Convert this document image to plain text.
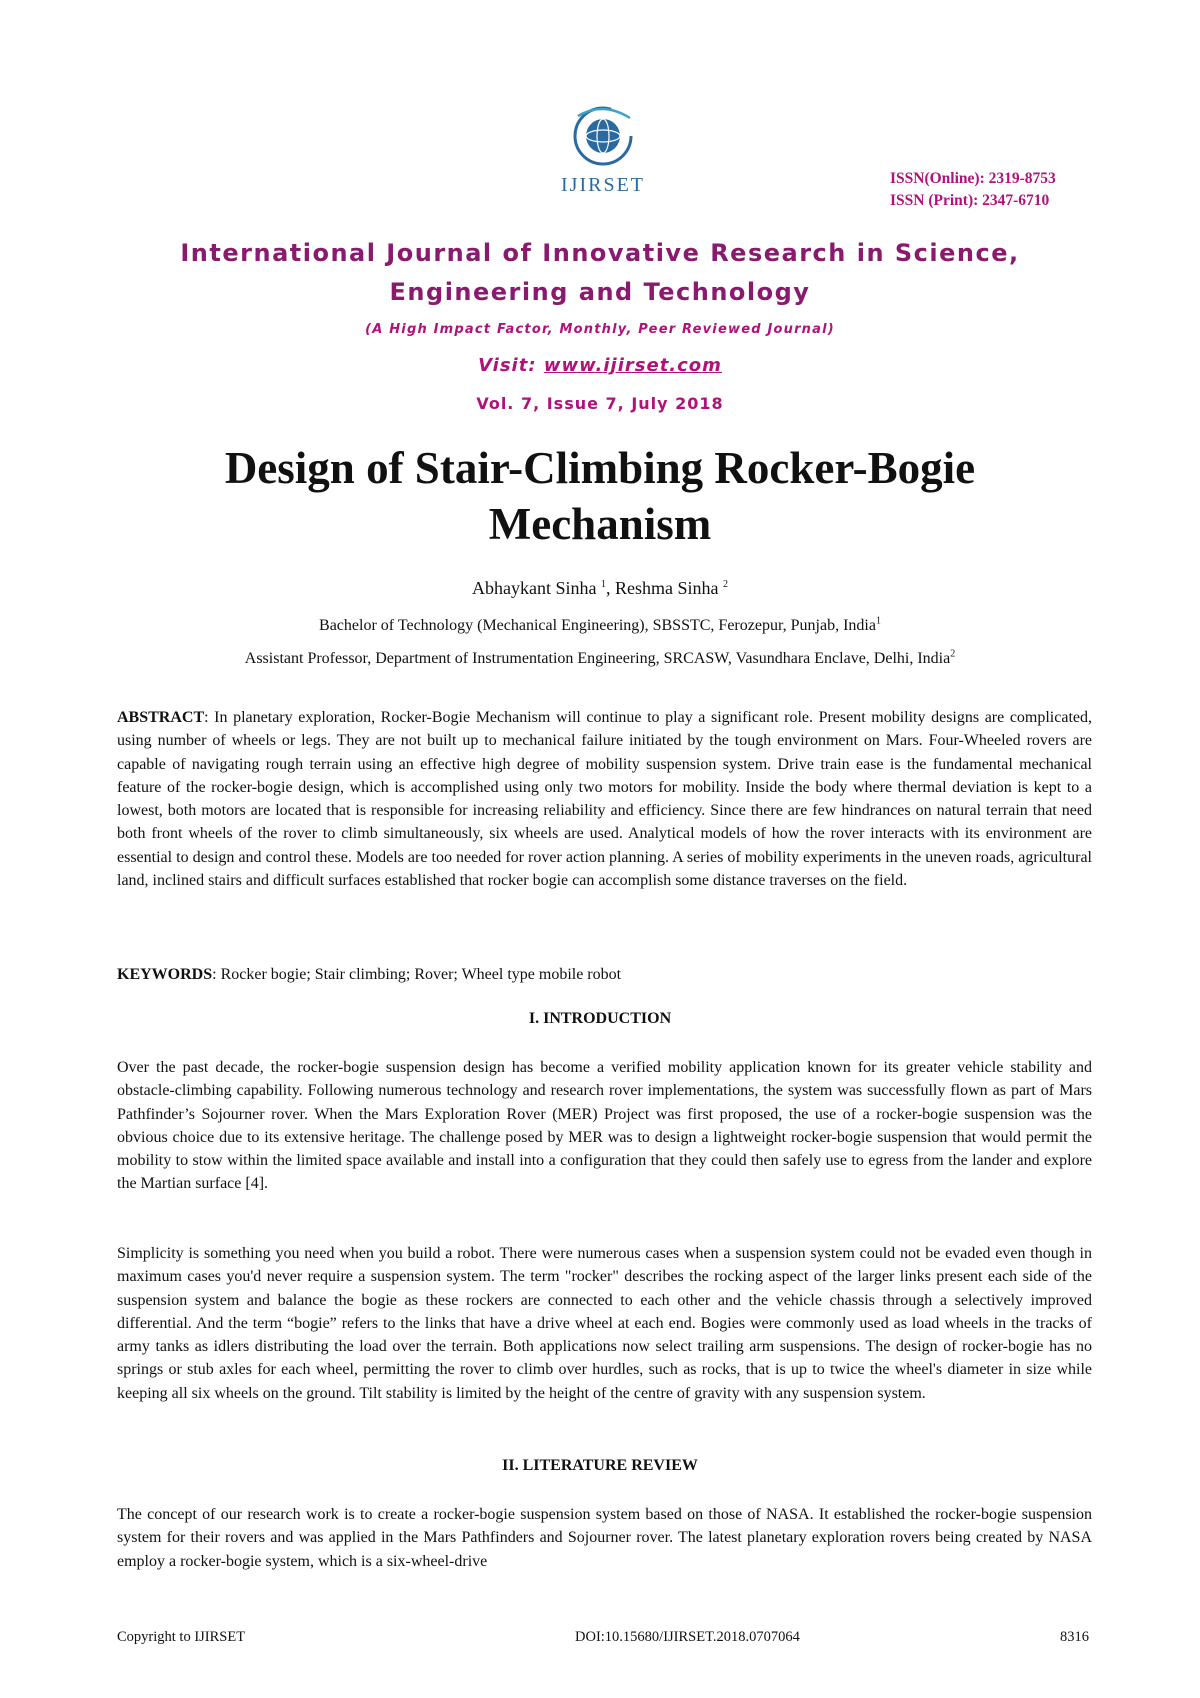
IJIRSET	ISSN(Online): 2319-8753
ISSN (Print): 2347-6710
International Journal of Innovative Research in Science,
Engineering and Technology
(A High Impact Factor, Monthly, Peer Reviewed Journal)
Visit: www.ijirset.com
Vol. 7, Issue 7, July 2018
Design of Stair-Climbing Rocker-Bogie
Mechanism
Abhaykant Sinha $^1$, Reshma Sinha $^2$
Bachelor of Technology (Mechanical Engineering), SBSSTC, Ferozepur, Punjab, India$^1$
Assistant Professor, Department of Instrumentation Engineering, SRCASW, Vasundhara Enclave, Delhi, India$^2$

ABSTRACT: In planetary exploration, Rocker-Bogie Mechanism will continue to play a significant role. Present mobility designs are complicated, using number of wheels or legs. They are not built up to mechanical failure initiated by the tough environment on Mars. Four-Wheeled rovers are capable of navigating rough terrain using an effective high degree of mobility suspension system. Drive train ease is the fundamental mechanical feature of the rocker-bogie design, which is accomplished using only two motors for mobility. Inside the body where thermal deviation is kept to a lowest, both motors are located that is responsible for increasing reliability and efficiency. Since there are few hindrances on natural terrain that need both front wheels of the rover to climb simultaneously, six wheels are used. Analytical models of how the rover interacts with its environment are essential to design and control these. Models are too needed for rover action planning. A series of mobility experiments in the uneven roads, agricultural land, inclined stairs and difficult surfaces established that rocker bogie can accomplish some distance traverses on the field.

KEYWORDS: Rocker bogie; Stair climbing; Rover; Wheel type mobile robot

I. INTRODUCTION

Over the past decade, the rocker-bogie suspension design has become a verified mobility application known for its greater vehicle stability and obstacle-climbing capability. Following numerous technology and research rover implementations, the system was successfully flown as part of Mars Pathfinder’s Sojourner rover. When the Mars Exploration Rover (MER) Project was first proposed, the use of a rocker-bogie suspension was the obvious choice due to its extensive heritage. The challenge posed by MER was to design a lightweight rocker-bogie suspension that would permit the mobility to stow within the limited space available and install into a configuration that they could then safely use to egress from the lander and explore the Martian surface [4].

Simplicity is something you need when you build a robot. There were numerous cases when a suspension system could not be evaded even though in maximum cases you'd never require a suspension system. The term "rocker" describes the rocking aspect of the larger links present each side of the suspension system and balance the bogie as these rockers are connected to each other and the vehicle chassis through a selectively improved differential. And the term “bogie” refers to the links that have a drive wheel at each end. Bogies were commonly used as load wheels in the tracks of army tanks as idlers distributing the load over the terrain. Both applications now select trailing arm suspensions. The design of rocker-bogie has no springs or stub axles for each wheel, permitting the rover to climb over hurdles, such as rocks, that is up to twice the wheel's diameter in size while keeping all six wheels on the ground. Tilt stability is limited by the height of the centre of gravity with any suspension system.

II. LITERATURE REVIEW

The concept of our research work is to create a rocker-bogie suspension system based on those of NASA. It established the rocker-bogie suspension system for their rovers and was applied in the Mars Pathfinders and Sojourner rover. The latest planetary exploration rovers being created by NASA employ a rocker-bogie system, which is a six-wheel-drive

Copyright to IJIRSET	DOI:10.15680/IJIRSET.2018.0707064	8316
